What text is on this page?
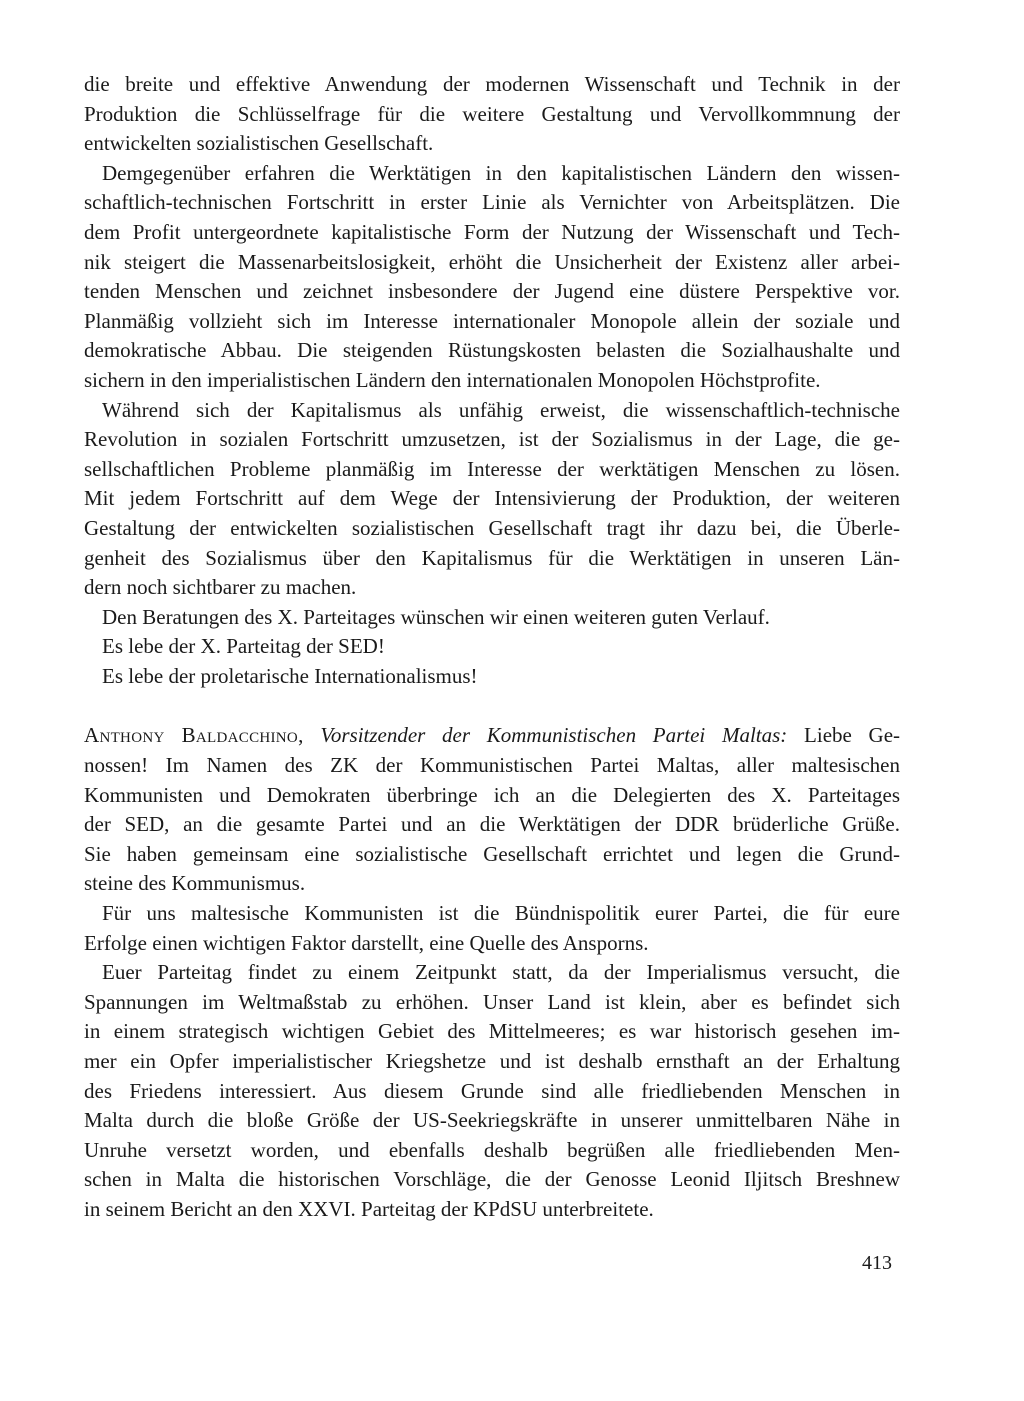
die breite und effektive Anwendung der modernen Wissenschaft und Technik in der
Produktion die Schlüsselfrage für die weitere Gestaltung und Vervollkommnung der
entwickelten sozialistischen Gesellschaft.
Demgegenüber erfahren die Werktätigen in den kapitalistischen Ländern den wissen-
schaftlich-technischen Fortschritt in erster Linie als Vernichter von Arbeitsplätzen. Die
dem Profit untergeordnete kapitalistische Form der Nutzung der Wissenschaft und Tech-
nik steigert die Massenarbeitslosigkeit, erhöht die Unsicherheit der Existenz aller arbei-
tenden Menschen und zeichnet insbesondere der Jugend eine düstere Perspektive vor.
Planmäßig vollzieht sich im Interesse internationaler Monopole allein der soziale und
demokratische Abbau. Die steigenden Rüstungskosten belasten die Sozialhaushalte und
sichern in den imperialistischen Ländern den internationalen Monopolen Höchstprofite.
Während sich der Kapitalismus als unfähig erweist, die wissenschaftlich-technische
Revolution in sozialen Fortschritt umzusetzen, ist der Sozialismus in der Lage, die ge-
sellschaftlichen Probleme planmäßig im Interesse der werktätigen Menschen zu lösen.
Mit jedem Fortschritt auf dem Wege der Intensivierung der Produktion, der weiteren
Gestaltung der entwickelten sozialistischen Gesellschaft tragt ihr dazu bei, die Überle-
genheit des Sozialismus über den Kapitalismus für die Werktätigen in unseren Län-
dern noch sichtbarer zu machen.
Den Beratungen des X. Parteitages wünschen wir einen weiteren guten Verlauf.
Es lebe der X. Parteitag der SED!
Es lebe der proletarische Internationalismus!
Anthony Baldacchino, Vorsitzender der Kommunistischen Partei Maltas: Liebe Ge-
nossen! Im Namen des ZK der Kommunistischen Partei Maltas, aller maltesischen
Kommunisten und Demokraten überbringe ich an die Delegierten des X. Parteitages
der SED, an die gesamte Partei und an die Werktätigen der DDR brüderliche Grüße.
Sie haben gemeinsam eine sozialistische Gesellschaft errichtet und legen die Grund-
steine des Kommunismus.
Für uns maltesische Kommunisten ist die Bündnispolitik eurer Partei, die für eure
Erfolge einen wichtigen Faktor darstellt, eine Quelle des Ansporns.
Euer Parteitag findet zu einem Zeitpunkt statt, da der Imperialismus versucht, die
Spannungen im Weltmaßstab zu erhöhen. Unser Land ist klein, aber es befindet sich
in einem strategisch wichtigen Gebiet des Mittelmeeres; es war historisch gesehen im-
mer ein Opfer imperialistischer Kriegshetze und ist deshalb ernsthaft an der Erhaltung
des Friedens interessiert. Aus diesem Grunde sind alle friedliebenden Menschen in
Malta durch die bloße Größe der US-Seekriegskräfte in unserer unmittelbaren Nähe in
Unruhe versetzt worden, und ebenfalls deshalb begrüßen alle friedliebenden Men-
schen in Malta die historischen Vorschläge, die der Genosse Leonid Iljitsch Breshnew
in seinem Bericht an den XXVI. Parteitag der KPdSU unterbreitete.
413
